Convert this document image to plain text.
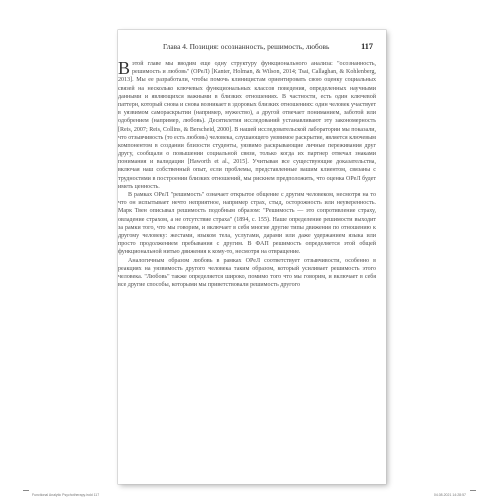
Глава 4. Позиция: осознанность, решимость, любовь	117

Вэтой главе мы вводим еще одну структуру функционального анализа: "осознанность, решимость и любовь" (ОРеЛ) [Kanter, Holman, & Wilson, 2014; Tsai, Callaghan, & Kohlenberg, 2013]. Мы ее разработали, чтобы помочь клиницистам ориентировать свою оценку социальных связей на несколько ключевых функциональных классов поведения, определенных научными данными и являющихся важными в близких отношениях. В частности, есть один ключевой паттерн, который снова и снова возникает в здоровых близких отношениях: один человек участвует в уязвимом самораскрытии (например, мужество), а другой отвечает пониманием, заботой или одобрением (например, любовь). Десятилетия исследований устанавливают эту закономерность [Reis, 2007; Reis, Collins, & Berscheid, 2000]. В нашей исследовательской лаборатории мы показали, что отзывчивость (то есть любовь) человека, слушающего уязвимое раскрытие, является ключевым компонентом в создании близости студенты, уязвимо раскрывающие личные переживания друг другу, сообщали о повышении социальной связи, только когда их партнер отвечал знаками понимания и валидации [Haworth et al., 2015]. Учитывая все существующие доказательства, включая наш собственный опыт, если проблемы, представленные вашим клиентом, связаны с трудностями в построении близких отношений, мы рискнем предположить, что оценка ОРеЛ будет иметь ценность.

В рамках ОРеЛ "решимость" означает открытое общение с другим человеком, несмотря на то что он испытывает нечто неприятное, например страх, стыд, осторожность или неуверенность. Марк Твен описывал решимость подобным образом: "Решимость — это сопротивление страху, овладение страхом, а не отсутствие страха" (1894, с. 155). Наше определение решимости выходит за рамки того, что мы говорим, и включает в себя многие другие типы движения по отношению к другому человеку: жестами, языком тела, услугами, дарами или даже удержанием языка или просто продолжением пребывания с другим. В ФАП решимость определяется этой общей функциональной нитью движения к кому-то, несмотря на отвращение.

Аналогичным образом любовь в рамках ОРеЛ соответствует отзывчивости, особенно в реакциях на уязвимость другого человека таким образом, который усиливает решимость этого человека. "Любовь" также определяется широко, помимо того что мы говорим, и включает в себя все другие способы, которыми мы приветствовали решимость другого

Functional Analytic Psychotherapy.indd 117	04.08.2021 14:28:57
